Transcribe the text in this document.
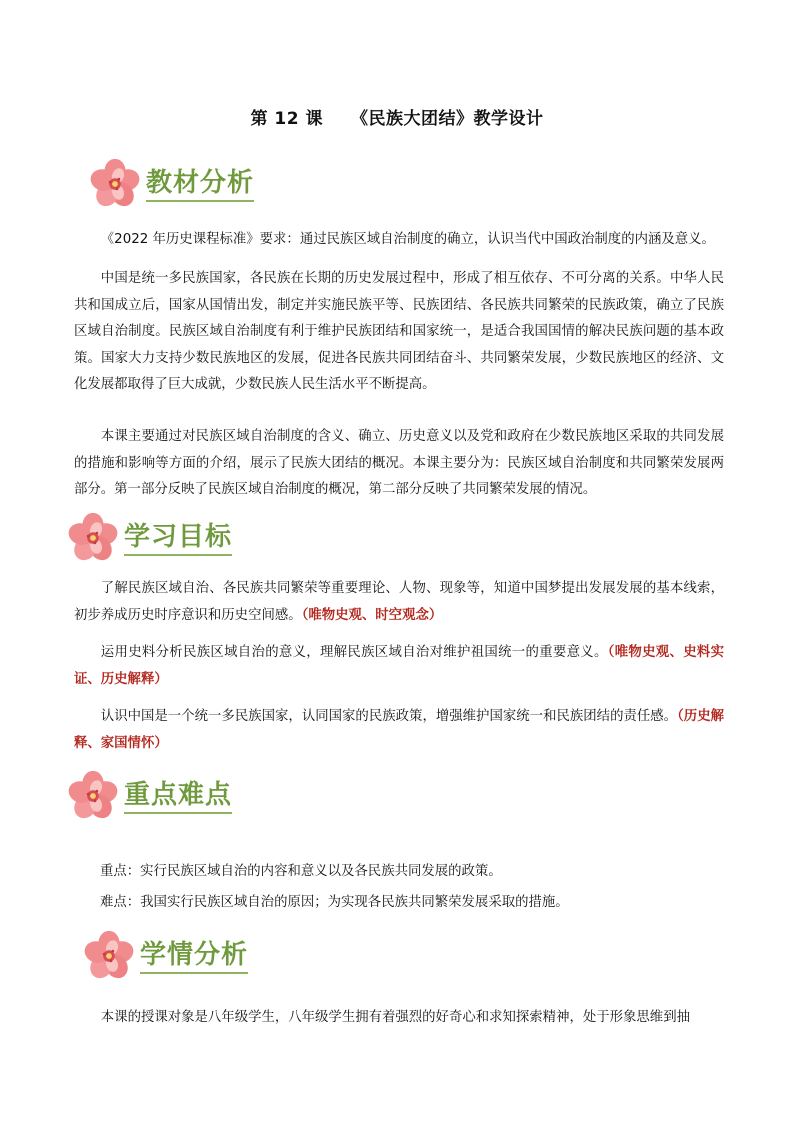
第 12 课 《民族大团结》教学设计
教材分析

《2022 年历史课程标准》要求：通过民族区域自治制度的确立，认识当代中国政治制度的内涵及意义。

中国是统一多民族国家，各民族在长期的历史发展过程中，形成了相互依存、不可分离的关系。中华人民共和国成立后，国家从国情出发，制定并实施民族平等、民族团结、各民族共同繁荣的民族政策，确立了民族区域自治制度。民族区域自治制度有利于维护民族团结和国家统一，是适合我国国情的解决民族问题的基本政策。国家大力支持少数民族地区的发展，促进各民族共同团结奋斗、共同繁荣发展，少数民族地区的经济、文化发展都取得了巨大成就，少数民族人民生活水平不断提高。

本课主要通过对民族区域自治制度的含义、确立、历史意义以及党和政府在少数民族地区采取的共同发展的措施和影响等方面的介绍，展示了民族大团结的概况。本课主要分为：民族区域自治制度和共同繁荣发展两部分。第一部分反映了民族区域自治制度的概况，第二部分反映了共同繁荣发展的情况。

学习目标

了解民族区域自治、各民族共同繁荣等重要理论、人物、现象等，知道中国梦提出发展发展的基本线索，初步养成历史时序意识和历史空间感。（唯物史观、时空观念）

运用史料分析民族区域自治的意义，理解民族区域自治对维护祖国统一的重要意义。（唯物史观、史料实证、历史解释）

认识中国是一个统一多民族国家，认同国家的民族政策，增强维护国家统一和民族团结的责任感。（历史解释、家国情怀）

重点难点

重点：实行民族区域自治的内容和意义以及各民族共同发展的政策。

难点：我国实行民族区域自治的原因；为实现各民族共同繁荣发展采取的措施。

学情分析

本课的授课对象是八年级学生，八年级学生拥有着强烈的好奇心和求知探索精神，处于形象思维到抽
